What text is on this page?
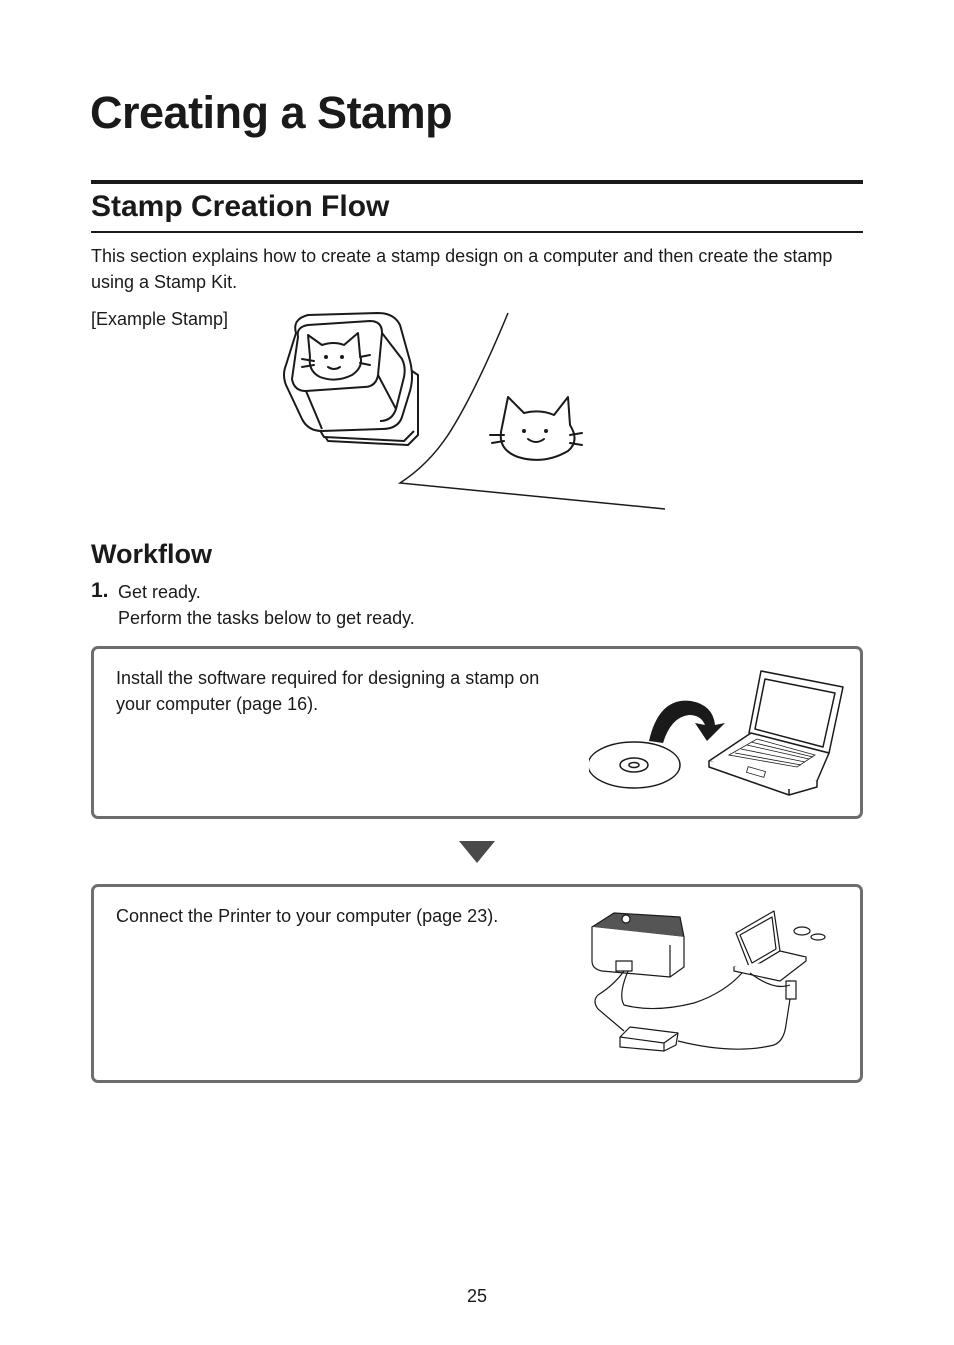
Creating a Stamp
Stamp Creation Flow

This section explains how to create a stamp design on a computer and then create the stamp using a Stamp Kit.

[Example Stamp]
Workflow
1. Get ready.
Perform the tasks below to get ready.

Install the software required for designing a stamp on your computer (page 16).

Connect the Printer to your computer (page 23).

25
